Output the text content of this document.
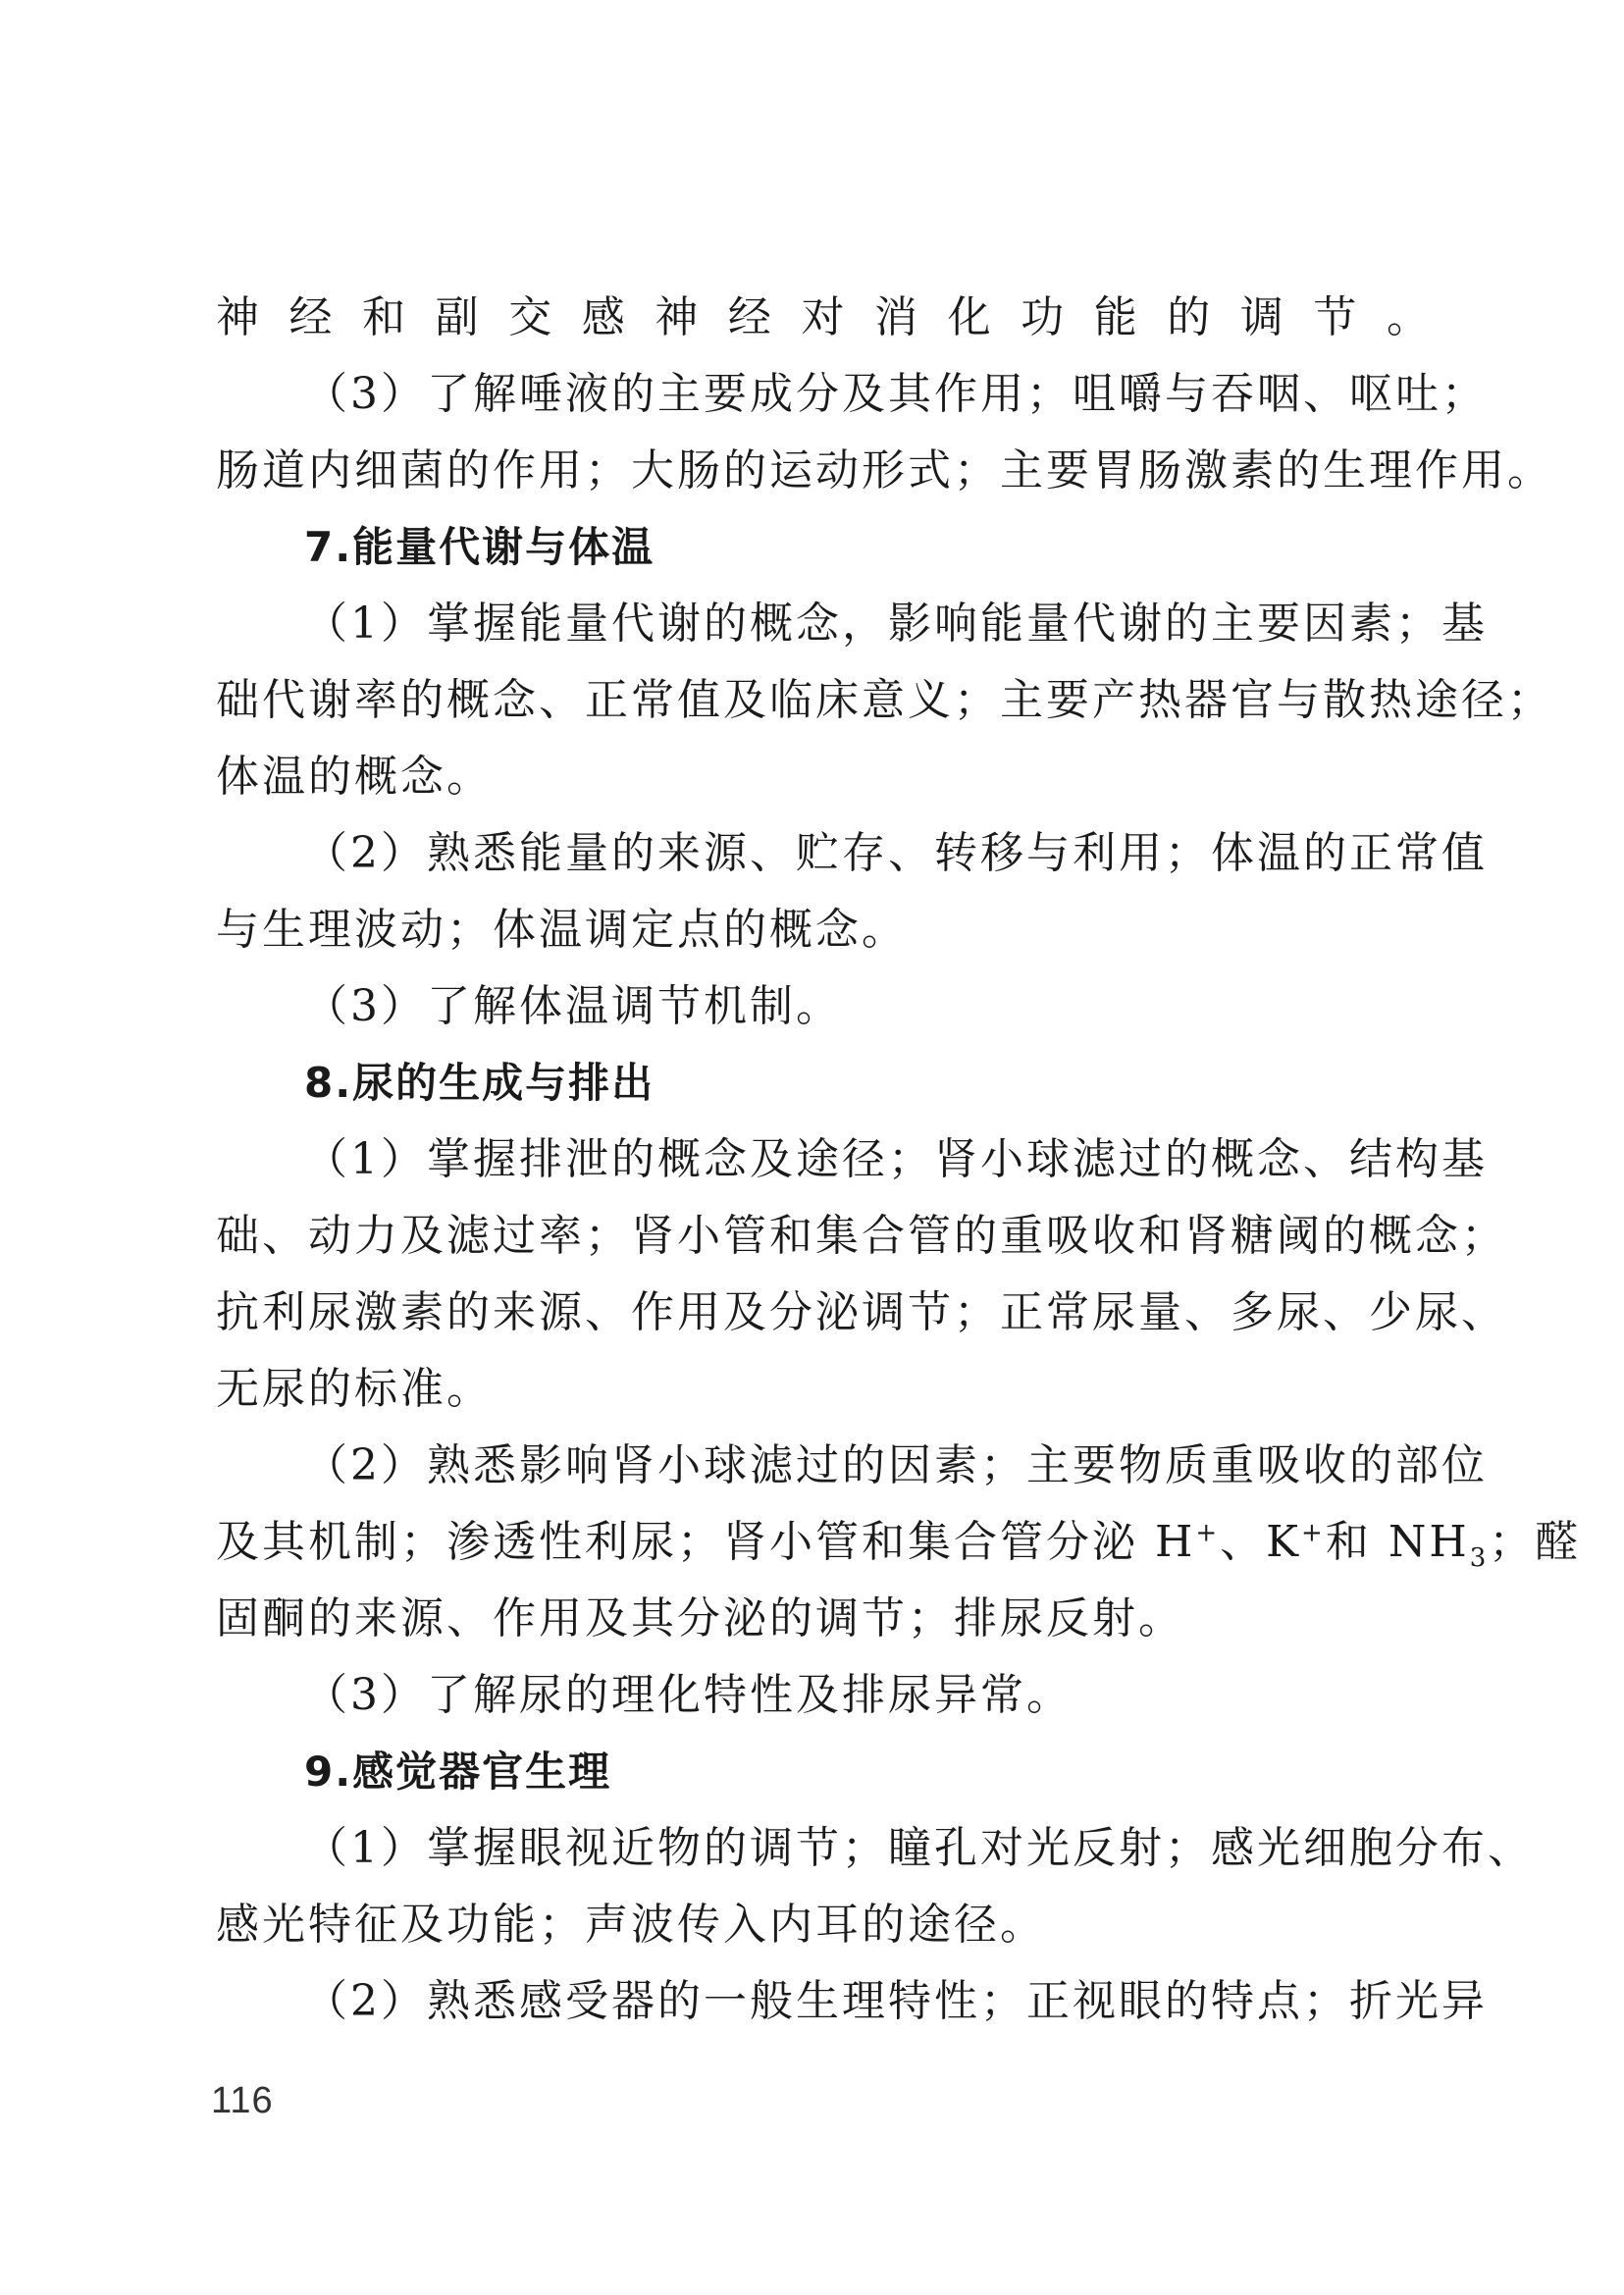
神经和副交感神经对消化功能的调节。
（3）了解唾液的主要成分及其作用；咀嚼与吞咽、呕吐；
肠道内细菌的作用；大肠的运动形式；主要胃肠激素的生理作用。
7.能量代谢与体温
（1）掌握能量代谢的概念，影响能量代谢的主要因素；基
础代谢率的概念、正常值及临床意义；主要产热器官与散热途径；
体温的概念。
（2）熟悉能量的来源、贮存、转移与利用；体温的正常值
与生理波动；体温调定点的概念。
（3）了解体温调节机制。
8.尿的生成与排出
（1）掌握排泄的概念及途径；肾小球滤过的概念、结构基
础、动力及滤过率；肾小管和集合管的重吸收和肾糖阈的概念；
抗利尿激素的来源、作用及分泌调节；正常尿量、多尿、少尿、
无尿的标准。
（2）熟悉影响肾小球滤过的因素；主要物质重吸收的部位
及其机制；渗透性利尿；肾小管和集合管分泌 H+、K+和 $NH_3$；醛
固酮的来源、作用及其分泌的调节；排尿反射。
（3）了解尿的理化特性及排尿异常。
9.感觉器官生理
（1）掌握眼视近物的调节；瞳孔对光反射；感光细胞分布、
感光特征及功能；声波传入内耳的途径。
（2）熟悉感受器的一般生理特性；正视眼的特点；折光异
116
